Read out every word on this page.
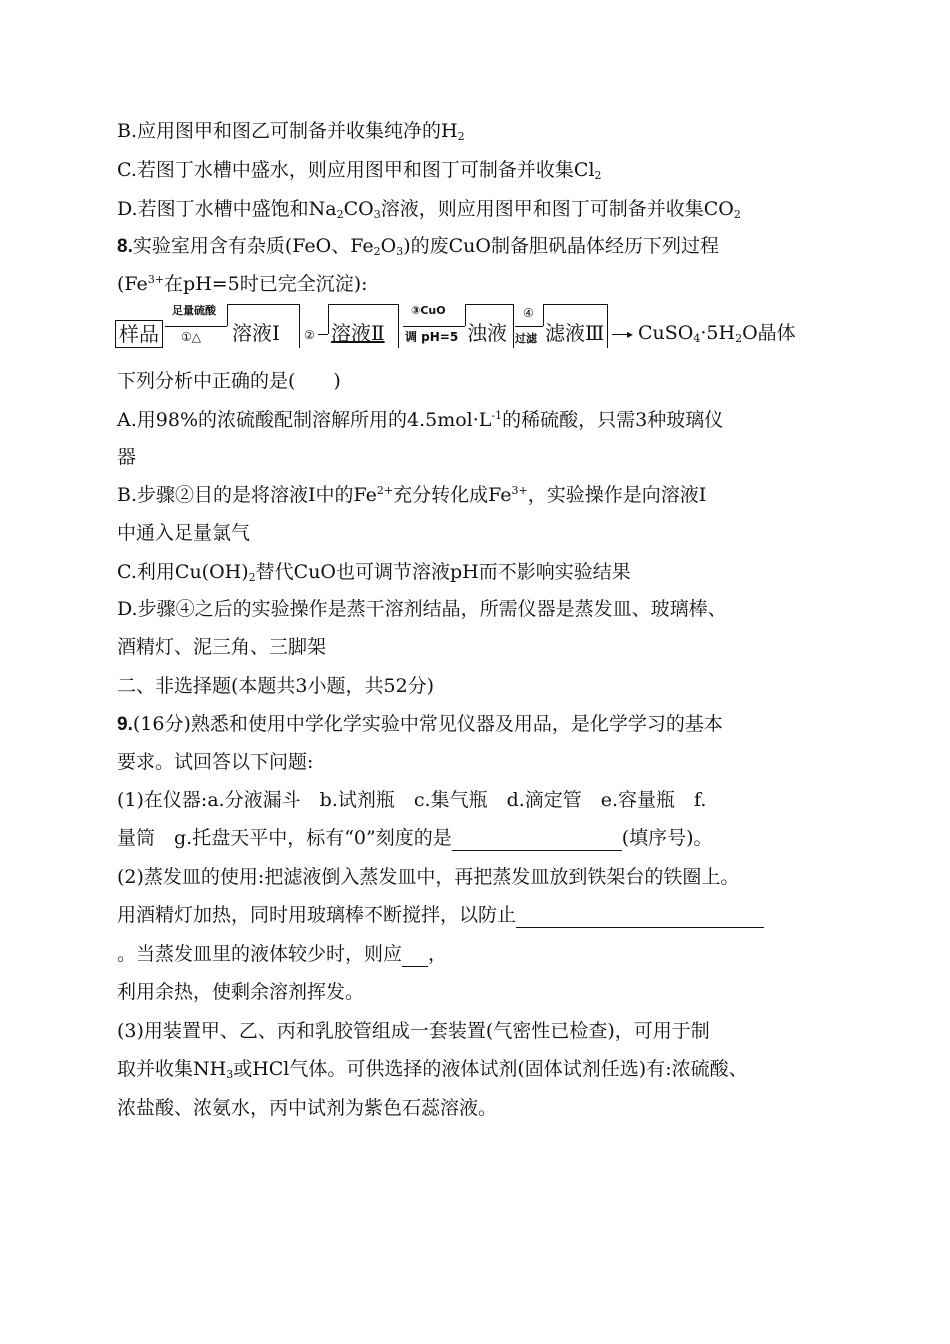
B.应用图甲和图乙可制备并收集纯净的$H_2$
C.若图丁水槽中盛水，则应用图甲和图丁可制备并收集$Cl_2$
D.若图丁水槽中盛饱和$Na_2CO_3$溶液，则应用图甲和图丁可制备并收集$CO_2$
8.实验室用含有杂质(FeO、$Fe_2O_3$)的废CuO制备胆矾晶体经历下列过程
($Fe^{3+}$在pH=5时已完全沉淀):
样品
足量硫酸
①△ 溶液Ⅰ ② 溶液Ⅱ
③CuO
调 pH=5 浊液
④
过滤 滤液Ⅲ ▸ $CuSO_4\cdot 5H_2O$晶体
下列分析中正确的是(　　)
A.用98%的浓硫酸配制溶解所用的$4.5mol\cdot L^{-1}$的稀硫酸，只需3种玻璃仪
器
B.步骤②目的是将溶液Ⅰ中的$Fe^{2+}$充分转化成$Fe^{3+}$，实验操作是向溶液Ⅰ
中通入足量氯气
C.利用$Cu(OH)_2$替代CuO也可调节溶液pH而不影响实验结果
D.步骤④之后的实验操作是蒸干溶剂结晶，所需仪器是蒸发皿、玻璃棒、
酒精灯、泥三角、三脚架
二、非选择题(本题共3小题，共52分)
9.(16分)熟悉和使用中学化学实验中常见仪器及用品，是化学学习的基本
要求。试回答以下问题:
(1)在仪器:a.分液漏斗　b.试剂瓶　c.集气瓶　d.滴定管　e.容量瓶　f.
量筒　g.托盘天平中，标有“0”刻度的是	(填序号)。
(2)蒸发皿的使用:把滤液倒入蒸发皿中，再把蒸发皿放到铁架台的铁圈上。
用酒精灯加热，同时用玻璃棒不断搅拌，以防止
。当蒸发皿里的液体较少时，则应 ，
利用余热，使剩余溶剂挥发。
(3)用装置甲、乙、丙和乳胶管组成一套装置(气密性已检查)，可用于制
取并收集$NH_3$或HCl气体。可供选择的液体试剂(固体试剂任选)有:浓硫酸、
浓盐酸、浓氨水，丙中试剂为紫色石蕊溶液。
